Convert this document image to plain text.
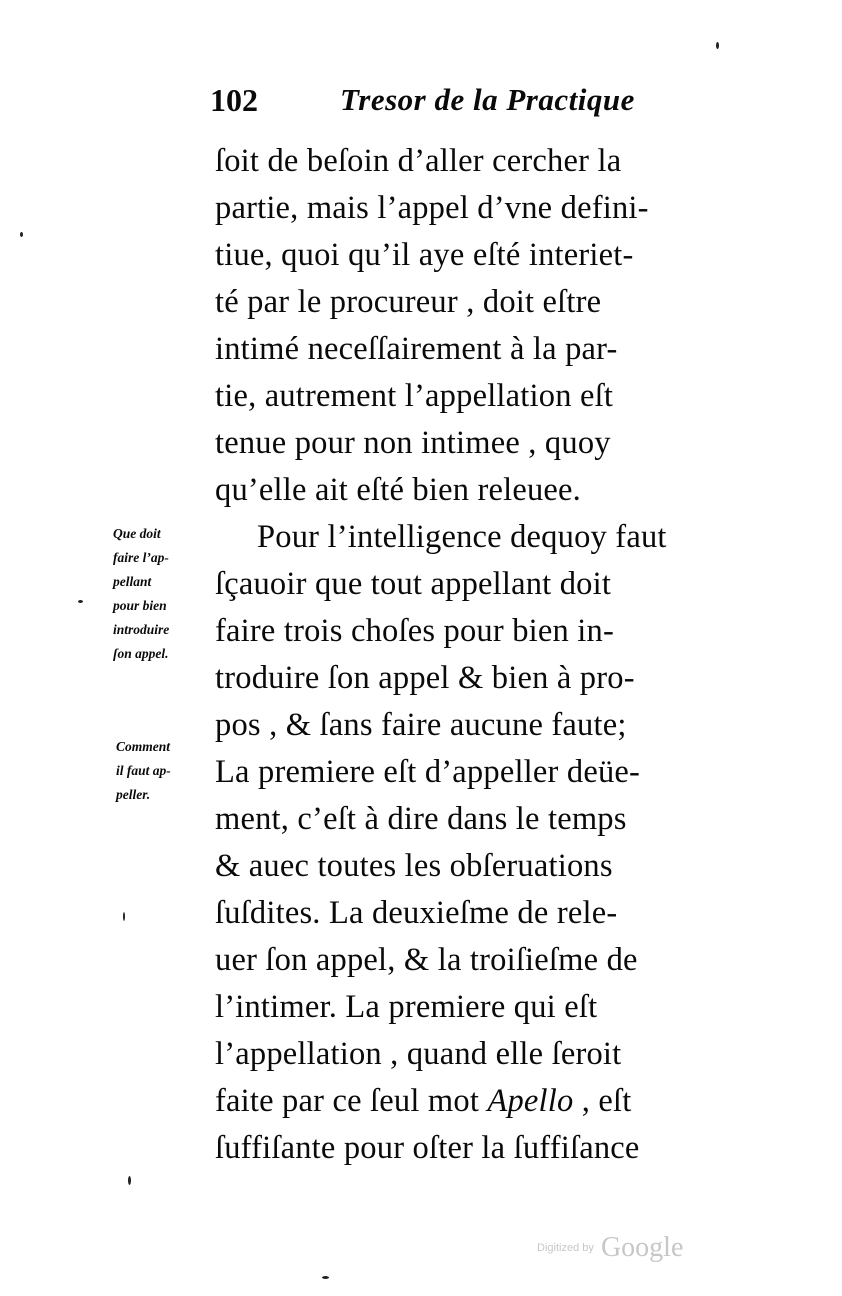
102	Tresor de la Practique
ſoit de beſoin d’aller cercher la
partie, mais l’appel d’vne defini-
tiue, quoi qu’il aye eſté interiet-
té par le procureur , doit eſtre
intimé neceſſairement à la par-
tie, autrement l’appellation eſt
tenue pour non intimee , quoy
qu’elle ait eſté bien releuee.
Pour l’intelligence dequoy faut
ſçauoir que tout appellant doit
faire trois choſes pour bien in-
troduire ſon appel & bien à pro-
pos , & ſans faire aucune faute;
La premiere eſt d’appeller deüe-
ment, c’eſt à dire dans le temps
& auec toutes les obſeruations
ſuſdites. La deuxieſme de rele-
uer ſon appel, & la troiſieſme de
l’intimer. La premiere qui eſt
l’appellation , quand elle ſeroit
faite par ce ſeul mot Apello , eſt
ſuffiſante pour oſter la ſuffiſance
Que doit
faire l’ap-
pellant
pour bien
introduire
ſon appel.
Comment
il faut ap-
peller.
Digitized by Google
